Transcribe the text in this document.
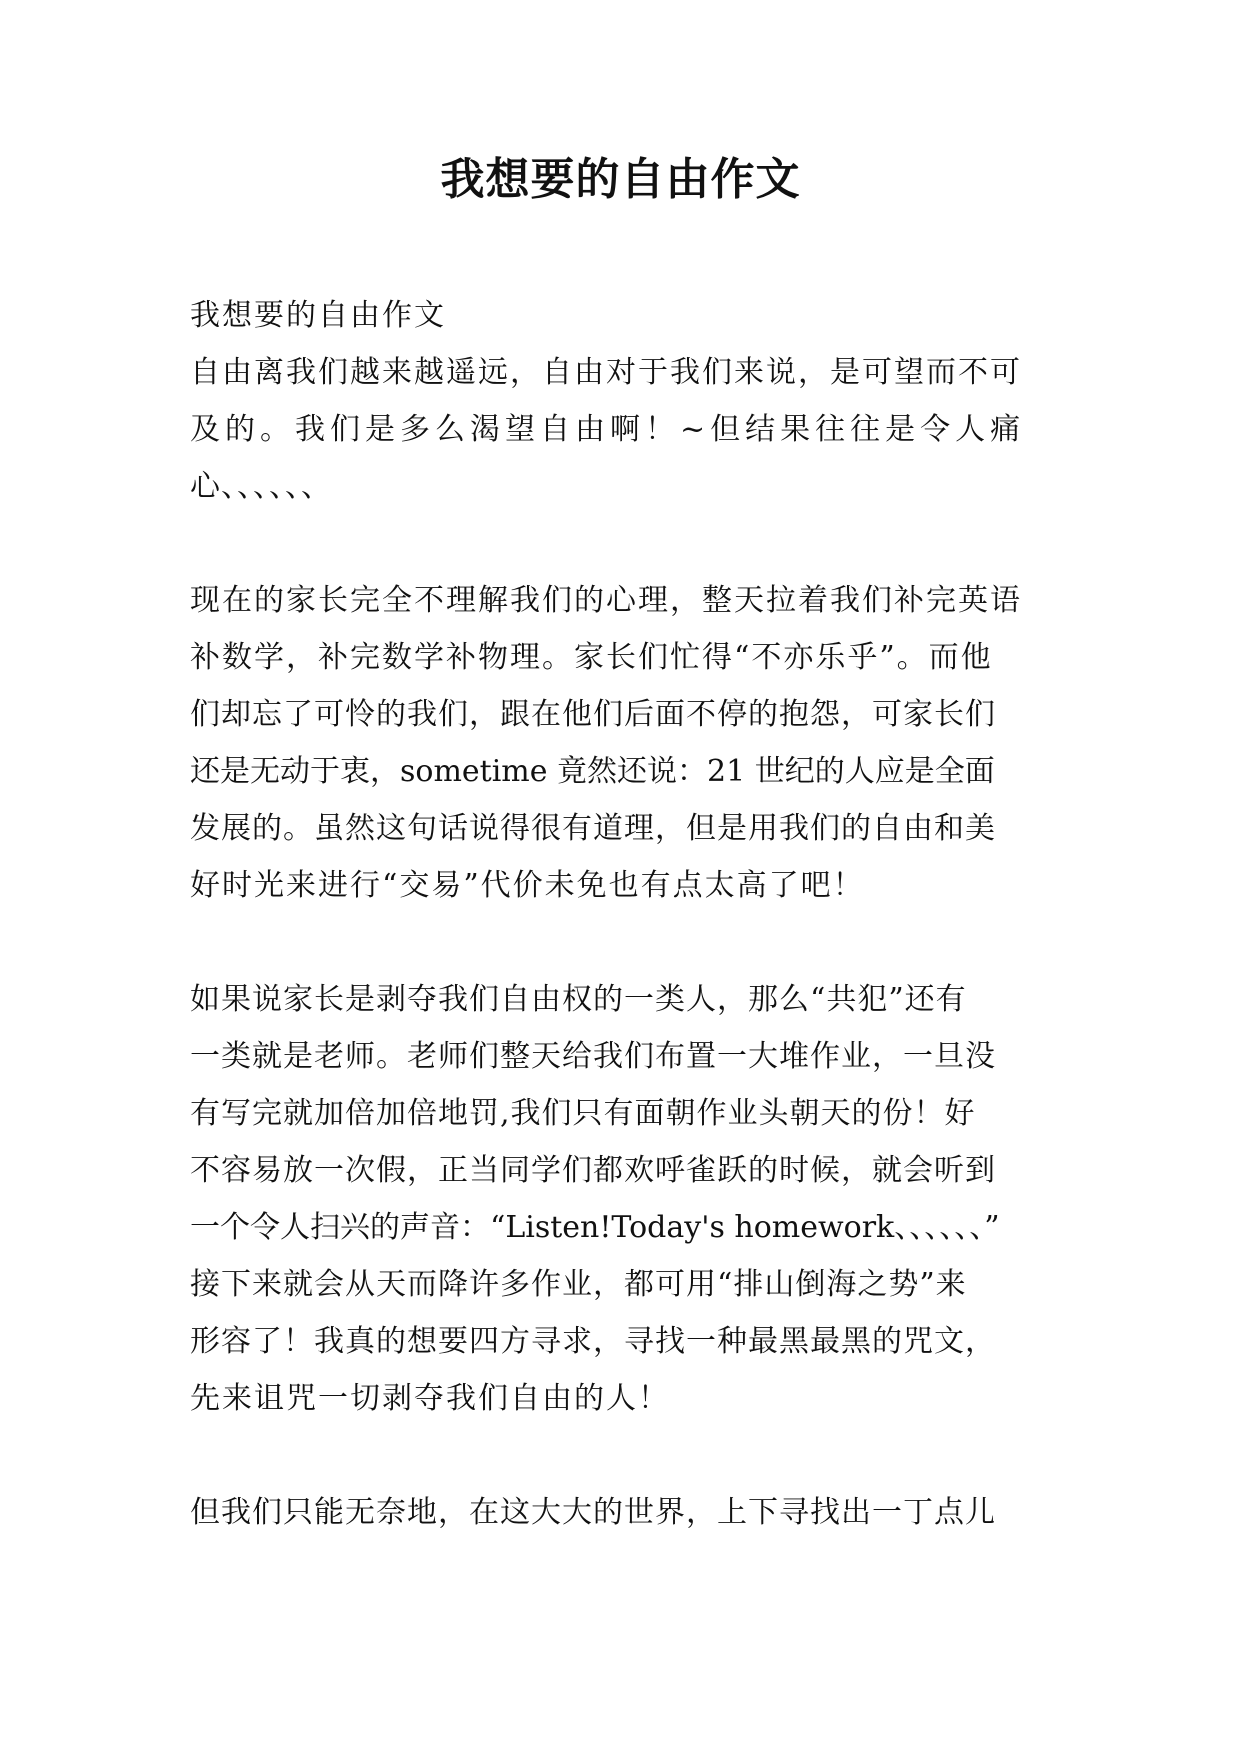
我想要的自由作文
我想要的自由作文
自由离我们越来越遥远，自由对于我们来说，是可望而不可
及的。我们是多么渴望自由啊！~但结果往往是令人痛
心、、、、、、
现在的家长完全不理解我们的心理，整天拉着我们补完英语
补数学，补完数学补物理。家长们忙得“不亦乐乎”。而他
们却忘了可怜的我们，跟在他们后面不停的抱怨，可家长们
还是无动于衷，sometime 竟然还说：21 世纪的人应是全面
发展的。虽然这句话说得很有道理，但是用我们的自由和美
好时光来进行“交易”代价未免也有点太高了吧！
如果说家长是剥夺我们自由权的一类人，那么“共犯”还有
一类就是老师。老师们整天给我们布置一大堆作业，一旦没
有写完就加倍加倍地罚,我们只有面朝作业头朝天的份！好
不容易放一次假，正当同学们都欢呼雀跃的时候，就会听到
一个令人扫兴的声音：“Listen!Today's homework、、、、、、”
接下来就会从天而降许多作业，都可用“排山倒海之势”来
形容了！我真的想要四方寻求，寻找一种最黑最黑的咒文，
先来诅咒一切剥夺我们自由的人！
但我们只能无奈地，在这大大的世界，上下寻找出一丁点儿
